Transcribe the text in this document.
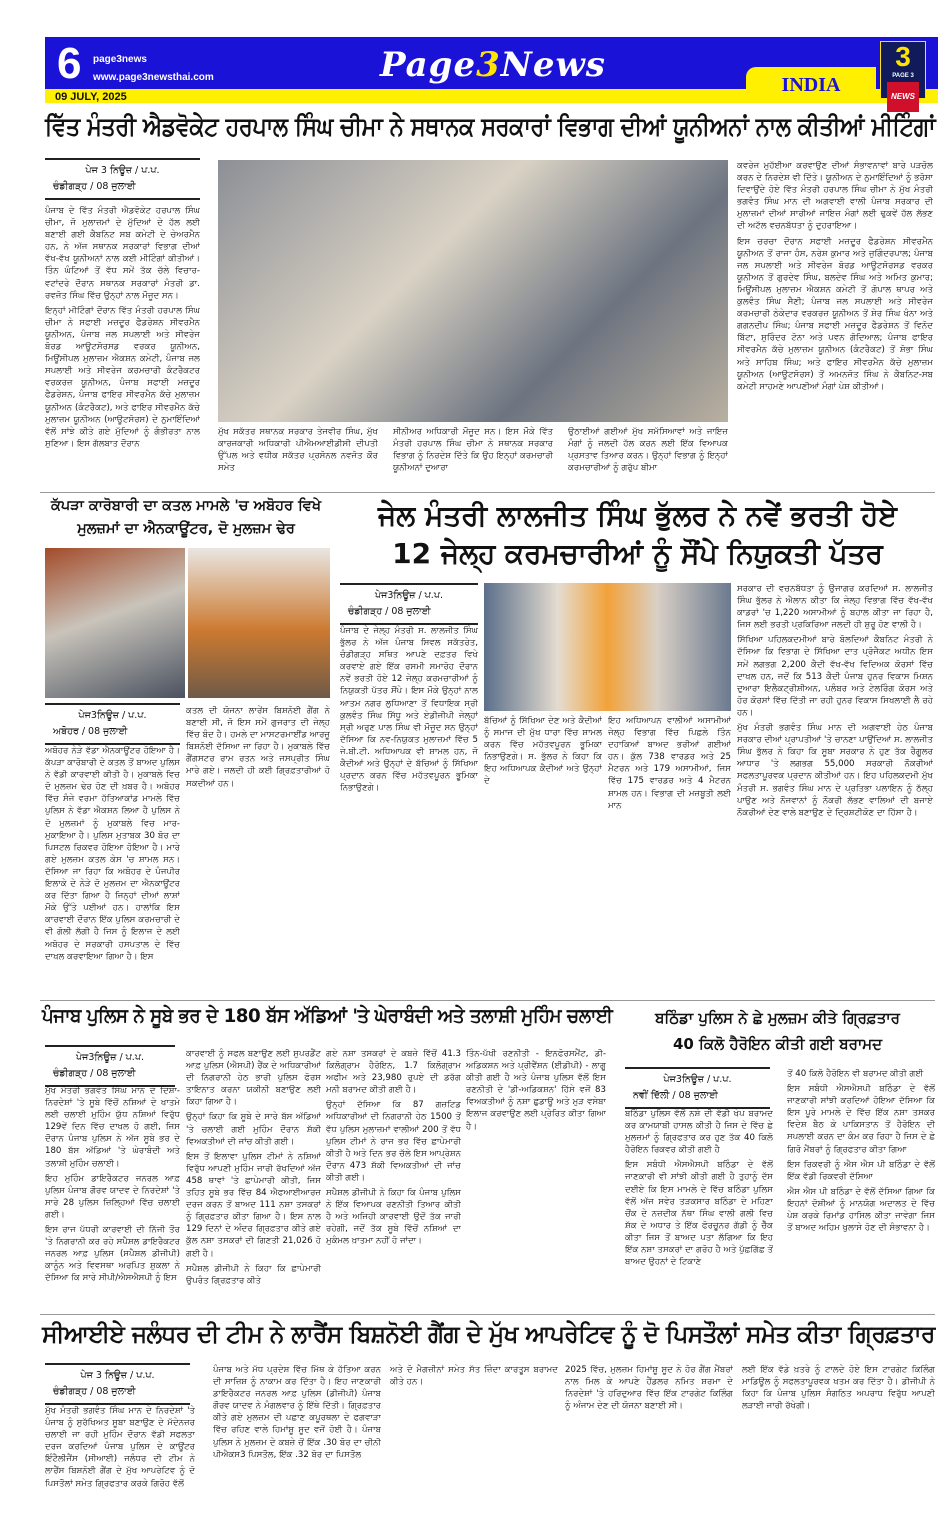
6 page3news
www.page3newsthai.com	Page3News
09 JULY, 2025
INDIA
3
PAGE 3
NEWS
ਵਿੱਤ ਮੰਤਰੀ ਐਡਵੋਕੇਟ ਹਰਪਾਲ ਸਿੰਘ ਚੀਮਾ ਨੇ ਸਥਾਨਕ ਸਰਕਾਰਾਂ ਵਿਭਾਗ ਦੀਆਂ ਯੂਨੀਅਨਾਂ ਨਾਲ ਕੀਤੀਆਂ ਮੀਟਿੰਗਾਂ
ਪੇਜ 3 ਨਿਊਜ਼ / ਪ.ਪ.
ਚੰਡੀਗੜ੍ਹ / 08 ਜੁਲਾਈ

ਪੰਜਾਬ ਦੇ ਵਿੱਤ ਮੰਤਰੀ ਐਡਵੋਕੇਟ ਹਰਪਾਲ ਸਿੰਘ ਚੀਮਾ, ਜੋ ਮੁਲਾਜ਼ਮਾਂ ਦੇ ਮੁੱਦਿਆਂ ਦੇ ਹੱਲ ਲਈ ਬਣਾਈ ਗਈ ਕੈਬਨਿਟ ਸਬ ਕਮੇਟੀ ਦੇ ਚੇਅਰਮੈਨ ਹਨ, ਨੇ ਅੱਜ ਸਥਾਨਕ ਸਰਕਾਰਾਂ ਵਿਭਾਗ ਦੀਆਂ ਵੱਖ-ਵੱਖ ਯੂਨੀਅਨਾਂ ਨਾਲ ਕਈ ਮੀਟਿੰਗਾਂ ਕੀਤੀਆਂ। ਤਿੰਨ ਘੰਟਿਆਂ ਤੋਂ ਵੱਧ ਸਮੇਂ ਤੱਕ ਚੱਲੇ ਵਿਚਾਰ-ਵਟਾਂਦਰੇ ਦੌਰਾਨ ਸਥਾਨਕ ਸਰਕਾਰਾਂ ਮੰਤਰੀ ਡਾ. ਰਵਜੋਤ ਸਿੰਘ ਵਿੱਚ ਉਨ੍ਹਾਂ ਨਾਲ ਮੌਜੂਦ ਸਨ।

ਇਨ੍ਹਾਂ ਮੀਟਿੰਗਾਂ ਦੌਰਾਨ ਵਿੱਤ ਮੰਤਰੀ ਹਰਪਾਲ ਸਿੰਘ ਚੀਮਾ ਨੇ ਸਫਾਈ ਮਜ਼ਦੂਰ ਫੈਡਰੇਸ਼ਨ ਸੀਵਰਮੈਨ ਯੂਨੀਅਨ, ਪੰਜਾਬ ਜਲ ਸਪਲਾਈ ਅਤੇ ਸੀਵਰੇਜ ਬੋਰਡ ਆਊਟਸੋਰਸਡ ਵਰਕਰ ਯੂਨੀਅਨ, ਮਿਊਂਸੀਪਲ ਮੁਲਾਜ਼ਮ ਐਕਸ਼ਨ ਕਮੇਟੀ, ਪੰਜਾਬ ਜਲ ਸਪਲਾਈ ਅਤੇ ਸੀਵਰੇਜ ਕਰਮਚਾਰੀ ਕੰਟਰੈਕਟਰ ਵਰਕਰਜ਼ ਯੂਨੀਅਨ, ਪੰਜਾਬ ਸਫਾਈ ਮਜ਼ਦੂਰ ਫੈਡਰੇਸ਼ਨ, ਪੰਜਾਬ ਫਾਇਰ ਸੀਵਰਮੈਨ ਕੱਚੇ ਮੁਲਾਜ਼ਮ ਯੂਨੀਅਨ (ਕੰਟਰੈਕਟ), ਅਤੇ ਫਾਇਰ ਸੀਵਰਮੈਨ ਕੱਚੇ ਮੁਲਾਜ਼ਮ ਯੂਨੀਅਨ (ਆਊਟਸੋਰਸ) ਦੇ ਨੁਮਾਇੰਦਿਆਂ ਵੱਲੋਂ ਸਾਂਝੇ ਕੀਤੇ ਗਏ ਮੁੱਦਿਆਂ ਨੂੰ ਗੰਭੀਰਤਾ ਨਾਲ ਸੁਣਿਆ। ਇਸ ਗੱਲਬਾਤ ਦੌਰਾਨ

ਮੁੱਖ ਸਕੱਤਰ ਸਥਾਨਕ ਸਰਕਾਰ ਤੇਜਵੀਰ ਸਿੰਘ, ਮੁੱਖ ਕਾਰਜਕਾਰੀ ਅਧਿਕਾਰੀ ਪੀਐਮਆਈਡੀਸੀ ਦੀਪਤੀ ਉੱਪਲ ਅਤੇ ਵਧੀਕ ਸਕੱਤਰ ਪ੍ਰਸੋਨਲ ਨਵਜੋਤ ਕੌਰ ਸਮੇਤ
ਸੀਨੀਅਰ ਅਧਿਕਾਰੀ ਮੌਜੂਦ ਸਨ। ਇਸ ਮੌਕੇ ਵਿੱਤ ਮੰਤਰੀ ਹਰਪਾਲ ਸਿੰਘ ਚੀਮਾ ਨੇ ਸਥਾਨਕ ਸਰਕਾਰ ਵਿਭਾਗ ਨੂੰ ਨਿਰਦੇਸ਼ ਦਿੱਤੇ ਕਿ ਉਹ ਇਨ੍ਹਾਂ ਕਰਮਚਾਰੀ ਯੂਨੀਅਨਾਂ ਦੁਆਰਾ
ਉਠਾਈਆਂ ਗਈਆਂ ਮੁੱਖ ਸਮੱਸਿਆਵਾਂ ਅਤੇ ਜਾਇਜ਼ ਮੰਗਾਂ ਨੂੰ ਜਲਦੀ ਹੱਲ ਕਰਨ ਲਈ ਇੱਕ ਵਿਆਪਕ ਪ੍ਰਸਤਾਵ ਤਿਆਰ ਕਰਨ। ਉਨ੍ਹਾਂ ਵਿਭਾਗ ਨੂੰ ਇਨ੍ਹਾਂ ਕਰਮਚਾਰੀਆਂ ਨੂੰ ਗਰੁੱਪ ਬੀਮਾ

ਕਵਰੇਜ ਮੁਹੱਈਆ ਕਰਵਾਉਣ ਦੀਆਂ ਸੰਭਾਵਨਾਵਾਂ ਬਾਰੇ ਪੜਚੋਲ ਕਰਨ ਦੇ ਨਿਰਦੇਸ਼ ਵੀ ਦਿੱਤੇ। ਯੂਨੀਅਨ ਦੇ ਨੁਮਾਇੰਦਿਆਂ ਨੂੰ ਭਰੋਸਾ ਦਿਵਾਉਂਦੇ ਹੋਏ ਵਿੱਤ ਮੰਤਰੀ ਹਰਪਾਲ ਸਿੰਘ ਚੀਮਾ ਨੇ ਮੁੱਖ ਮੰਤਰੀ ਭਗਵੰਤ ਸਿੰਘ ਮਾਨ ਦੀ ਅਗਵਾਈ ਵਾਲੀ ਪੰਜਾਬ ਸਰਕਾਰ ਦੀ ਮੁਲਾਜ਼ਮਾਂ ਦੀਆਂ ਸਾਰੀਆਂ ਜਾਇਜ਼ ਮੰਗਾਂ ਲਈ ਢੁਕਵੇਂ ਹੱਲ ਲੱਭਣ ਦੀ ਅਟੱਲ ਵਚਨਬੱਧਤਾ ਨੂੰ ਦੁਹਰਾਇਆ।

ਇਸ ਚਰਚਾ ਦੌਰਾਨ ਸਫਾਈ ਮਜ਼ਦੂਰ ਫੈਡਰੇਸ਼ਨ ਸੀਵਰਮੈਨ ਯੂਨੀਅਨ ਤੋਂ ਰਾਜਾ ਹੰਸ, ਨਰੇਸ਼ ਕੁਮਾਰ ਅਤੇ ਜੁਗਿੰਦਰਪਾਲ; ਪੰਜਾਬ ਜਲ ਸਪਲਾਈ ਅਤੇ ਸੀਵਰੇਜ ਬੋਰਡ ਆਊਟਸੋਰਸਡ ਵਰਕਰ ਯੂਨੀਅਨ ਤੋਂ ਗੁਰਦੇਵ ਸਿੰਘ, ਬਲਦੇਵ ਸਿੰਘ ਅਤੇ ਅਮਿਤ ਕੁਮਾਰ; ਮਿਊਂਸੀਪਲ ਮੁਲਾਜ਼ਮ ਐਕਸ਼ਨ ਕਮੇਟੀ ਤੋਂ ਗੋਪਾਲ ਥਾਪਰ ਅਤੇ ਕੁਲਵੰਤ ਸਿੰਘ ਸੈਣੀ; ਪੰਜਾਬ ਜਲ ਸਪਲਾਈ ਅਤੇ ਸੀਵਰੇਜ ਕਰਮਚਾਰੀ ਠੇਕੇਦਾਰ ਵਰਕਰਜ਼ ਯੂਨੀਅਨ ਤੋਂ ਸ਼ੇਰ ਸਿੰਘ ਖੰਨਾ ਅਤੇ ਗਗਨਦੀਪ ਸਿੰਘ; ਪੰਜਾਬ ਸਫਾਈ ਮਜ਼ਦੂਰ ਫੈਡਰੇਸ਼ਨ ਤੋਂ ਵਿਨੋਦ ਬਿੱਟਾ, ਸੁਰਿੰਦਰ ਟੋਨਾ ਅਤੇ ਪਵਨ ਗੋਦਿਆਲ; ਪੰਜਾਬ ਫਾਇਰ ਸੀਵਰਮੈਨ ਕੱਚੇ ਮੁਲਾਜ਼ਮ ਯੂਨੀਅਨ (ਕੰਟਰੈਕਟ) ਤੋਂ ਸ਼ੋਭਾ ਸਿੰਘ ਅਤੇ ਸਾਹਿਬ ਸਿੰਘ; ਅਤੇ ਫਾਇਰ ਸੀਵਰਮੈਨ ਕੱਚੇ ਮੁਲਾਜ਼ਮ ਯੂਨੀਅਨ (ਆਊਟਸੋਰਸ) ਤੋਂ ਅਮਨਜੋਤ ਸਿੰਘ ਨੇ ਕੈਬਨਿਟ-ਸਬ ਕਮੇਟੀ ਸਾਹਮਣੇ ਆਪਣੀਆਂ ਮੰਗਾਂ ਪੇਸ਼ ਕੀਤੀਆਂ।

ਕੱਪੜਾ ਕਾਰੋਬਾਰੀ ਦਾ ਕਤਲ ਮਾਮਲੇ 'ਚ ਅਬੋਹਰ ਵਿਖੇ ਮੁਲਜ਼ਮਾਂ ਦਾ ਐਨਕਾਊਂਟਰ, ਦੋ ਮੁਲਜ਼ਮ ਢੇਰ
ਪੇਜ3ਨਿਊਜ਼ / ਪ.ਪ.
ਅਬੋਹਰ / 08 ਜੁਲਾਈ
ਅਬੋਹਰ ਨੇੜੇ ਵੱਡਾ ਐਨਕਾਊਂਟਰ ਹੋਇਆ ਹੈ। ਕੱਪੜਾ ਕਾਰੋਬਾਰੀ ਦੇ ਕਤਲ ਤੋਂ ਬਾਅਦ ਪੁਲਿਸ ਨੇ ਵੱਡੀ ਕਾਰਵਾਈ ਕੀਤੀ ਹੈ। ਮੁਕਾਬਲੇ ਵਿਚ ਦੋ ਮੁਲਜ਼ਮ ਢੇਰ ਹੋਣ ਦੀ ਖ਼ਬਰ ਹੈ। ਅਬੋਹਰ ਵਿੱਚ ਸੰਜੇ ਵਰਮਾ ਹੱਤਿਆਕਾਂਡ ਮਾਮਲੇ ਵਿੱਚ ਪੁਲਿਸ ਨੇ ਵੱਡਾ ਐਕਸ਼ਨ ਲਿਆ ਹੈ ਪੁਲਿਸ ਨੇ ਦੋ ਮੁਲਜ਼ਮਾਂ ਨੂੰ ਮੁਕਾਬਲੇ ਵਿਚ ਮਾਰ-ਮੁਕਾਇਆ ਹੈ। ਪੁਲਿਸ ਮੁਤਾਬਕ 30 ਬੋਰ ਦਾ ਪਿਸਟਲ ਰਿਕਵਰ ਹੋਇਆ ਹੋਇਆ ਹੈ। ਮਾਰੇ ਗਏ ਮੁਲਜ਼ਮ ਕਤਲ ਕੇਸ 'ਚ ਸ਼ਾਮਲ ਸਨ। ਦੱਸਿਆ ਜਾ ਰਿਹਾ ਕਿ ਅਬੋਹਰ ਦੇ ਪੰਜਪੀਰ ਇਲਾਕੇ ਦੇ ਨੇੜੇ ਦੋ ਮੁਲਜ਼ਮ ਦਾ ਐਨਕਾਊਂਟਰ ਕਰ ਦਿੱਤਾ ਗਿਆ ਹੈ ਜਿਨ੍ਹਾਂ ਦੀਆਂ ਲਾਸ਼ਾਂ ਮੌਕੇ ਉੱਤੇ ਪਈਆਂ ਹਨ। ਹਾਲਾਂਕਿ ਇਸ ਕਾਰਵਾਈ ਦੌਰਾਨ ਇੱਕ ਪੁਲਿਸ ਕਰਮਚਾਰੀ ਦੇ ਵੀ ਗੋਲੀ ਲੱਗੀ ਹੈ ਜਿਸ ਨੂੰ ਇਲਾਜ ਦੇ ਲਈ ਅਬੋਹਰ ਦੇ ਸਰਕਾਰੀ ਹਸਪਤਾਲ ਦੇ ਵਿੱਚ ਦਾਖਲ ਕਰਵਾਇਆ ਗਿਆ ਹੈ। ਇਸ
ਕਤਲ ਦੀ ਯੋਜਨਾ ਲਾਰੇਂਸ ਬਿਸ਼ਨੋਈ ਗੈਂਗ ਨੇ ਬਣਾਈ ਸੀ, ਜੋ ਇਸ ਸਮੇਂ ਗੁਜਰਾਤ ਦੀ ਜੇਲ੍ਹ ਵਿੱਚ ਬੰਦ ਹੈ। ਹਮਲੇ ਦਾ ਮਾਸਟਰਮਾਈਂਡ ਆਰਜ਼ੂ ਬਿਸ਼ਨੋਈ ਦੱਸਿਆ ਜਾ ਰਿਹਾ ਹੈ। ਮੁਕਾਬਲੇ ਵਿੱਚ ਗੈਂਗਸਟਰ ਰਾਮ ਰਤਨ ਅਤੇ ਜਸਪ੍ਰੀਤ ਸਿੰਘ ਮਾਰੇ ਗਏ। ਜਲਦੀ ਹੀ ਕਈ ਗ੍ਰਿਫ਼ਤਾਰੀਆਂ ਹੋ ਸਕਦੀਆਂ ਹਨ।
ਜੇਲ ਮੰਤਰੀ ਲਾਲਜੀਤ ਸਿੰਘ ਭੁੱਲਰ ਨੇ ਨਵੇਂ ਭਰਤੀ ਹੋਏ
12 ਜੇਲ੍ਹ ਕਰਮਚਾਰੀਆਂ ਨੂੰ ਸੌਂਪੇ ਨਿਯੁਕਤੀ ਪੱਤਰ
ਪੇਜ3ਨਿਊਜ਼ / ਪ.ਪ.
ਚੰਡੀਗੜ੍ਹ / 08 ਜੁਲਾਈ
ਪੰਜਾਬ ਦੇ ਜੇਲ੍ਹ ਮੰਤਰੀ ਸ. ਲਾਲਜੀਤ ਸਿੰਘ ਭੁੱਲਰ ਨੇ ਅੱਜ ਪੰਜਾਬ ਸਿਵਲ ਸਕੱਤਰੇਤ, ਚੰਡੀਗੜ੍ਹ ਸਥਿਤ ਆਪਣੇ ਦਫ਼ਤਰ ਵਿਖੇ ਕਰਵਾਏ ਗਏ ਇੱਕ ਰਸਮੀ ਸਮਾਰੋਹ ਦੌਰਾਨ ਨਵੇਂ ਭਰਤੀ ਹੋਏ 12 ਜੇਲ੍ਹ ਕਰਮਚਾਰੀਆਂ ਨੂੰ ਨਿਯੁਕਤੀ ਪੱਤਰ ਸੌਂਪੇ। ਇਸ ਮੌਕੇ ਉਨ੍ਹਾਂ ਨਾਲ ਆਤਮ ਨਗਰ ਲੁਧਿਆਣਾ ਤੋਂ ਵਿਧਾਇਕ ਸ੍ਰੀ ਕੁਲਵੰਤ ਸਿੰਘ ਸਿੱਧੂ ਅਤੇ ਏਡੀਜੀਪੀ ਜੇਲ੍ਹਾਂ ਸ੍ਰੀ ਅਰੁਣ ਪਾਲ ਸਿੰਘ ਵੀ ਮੌਜੂਦ ਸਨ ਉਨ੍ਹਾਂ ਦੱਸਿਆ ਕਿ ਨਵ-ਨਿਯੁਕਤ ਮੁਲਾਜ਼ਮਾਂ ਵਿੱਚ 5 ਜੇ.ਬੀ.ਟੀ. ਅਧਿਆਪਕ ਵੀ ਸ਼ਾਮਲ ਹਨ, ਜੋ ਕੈਦੀਆਂ ਅਤੇ ਉਨ੍ਹਾਂ ਦੇ ਬੱਚਿਆਂ ਨੂੰ ਸਿੱਖਿਆ ਪ੍ਰਦਾਨ ਕਰਨ ਵਿੱਚ ਮਹੱਤਵਪੂਰਨ ਭੂਮਿਕਾ ਨਿਭਾਉਣਗੇ।
ਬੱਚਿਆਂ ਨੂੰ ਸਿੱਖਿਆ ਦੇਣ ਅਤੇ ਕੈਦੀਆਂ ਨੂੰ ਸਮਾਜ ਦੀ ਮੁੱਖ ਧਾਰਾ ਵਿੱਚ ਸ਼ਾਮਲ ਕਰਨ ਵਿੱਚ ਮਹੱਤਵਪੂਰਨ ਭੂਮਿਕਾ ਨਿਭਾਉਣਗੇ। ਸ. ਭੁੱਲਰ ਨੇ ਕਿਹਾ ਕਿ ਇਹ ਅਧਿਆਪਕ ਕੈਦੀਆਂ ਅਤੇ ਉਨ੍ਹਾਂ ਦੇ
ਇਹ ਅਧਿਆਪਨ ਵਾਲੀਆਂ ਅਸਾਮੀਆਂ ਜੇਲ੍ਹ ਵਿਭਾਗ ਵਿੱਚ ਪਿਛਲੇ ਤਿੰਨ ਦਹਾਕਿਆਂ ਬਾਅਦ ਭਰੀਆਂ ਗਈਆਂ ਹਨ। ਕੁੱਲ 738 ਵਾਰਡਰ ਅਤੇ 25 ਮੈਟਰਨ ਅਤੇ 179 ਅਸਾਮੀਆਂ, ਜਿਸ ਵਿੱਚ 175 ਵਾਰਡਰ ਅਤੇ 4 ਮੈਟਰਨ ਸ਼ਾਮਲ ਹਨ। ਵਿਭਾਗ ਦੀ ਮਜ਼ਬੂਤੀ ਲਈ ਮਾਨ

ਸਰਕਾਰ ਦੀ ਵਚਨਬੱਧਤਾ ਨੂੰ ਉਜਾਗਰ ਕਰਦਿਆਂ ਸ. ਲਾਲਜੀਤ ਸਿੰਘ ਭੁੱਲਰ ਨੇ ਐਲਾਨ ਕੀਤਾ ਕਿ ਜੇਲ੍ਹ ਵਿਭਾਗ ਵਿੱਚ ਵੱਖ-ਵੱਖ ਕਾਡਰਾਂ 'ਚ 1,220 ਅਸਾਮੀਆਂ ਨੂੰ ਬਹਾਲ ਕੀਤਾ ਜਾ ਰਿਹਾ ਹੈ, ਜਿਸ ਲਈ ਭਰਤੀ ਪ੍ਰਕਿਰਿਆ ਜਲਦੀ ਹੀ ਸ਼ੁਰੂ ਹੋਣ ਵਾਲੀ ਹੈ।

ਸਿੱਖਿਆ ਪਹਿਲਕਦਮੀਆਂ ਬਾਰੇ ਬੋਲਦਿਆਂ ਕੈਬਨਿਟ ਮੰਤਰੀ ਨੇ ਦੱਸਿਆ ਕਿ ਵਿਭਾਗ ਦੇ ਸਿੱਖਿਆ ਦਾਤ ਪ੍ਰੋਜੈਕਟ ਅਧੀਨ ਇਸ ਸਮੇਂ ਲਗਭਗ 2,200 ਕੈਦੀ ਵੱਖ-ਵੱਖ ਵਿਦਿਅਕ ਕੋਰਸਾਂ ਵਿੱਚ ਦਾਖਲ ਹਨ, ਜਦੋਂ ਕਿ 513 ਕੈਦੀ ਪੰਜਾਬ ਹੁਨਰ ਵਿਕਾਸ ਮਿਸ਼ਨ ਦੁਆਰਾ ਇਲੈਕਟ੍ਰੀਸ਼ੀਅਨ, ਪਲੰਬਰ ਅਤੇ ਟੇਲਰਿੰਗ ਕੋਰਸ ਅਤੇ ਹੋਰ ਕੋਰਸਾਂ ਵਿੱਚ ਦਿੱਤੀ ਜਾ ਰਹੀ ਹੁਨਰ ਵਿਕਾਸ ਸਿਖਲਾਈ ਲੈ ਰਹੇ ਹਨ।

ਮੁੱਖ ਮੰਤਰੀ ਭਗਵੰਤ ਸਿੰਘ ਮਾਨ ਦੀ ਅਗਵਾਈ ਹੇਠ ਪੰਜਾਬ ਸਰਕਾਰ ਦੀਆਂ ਪ੍ਰਾਪਤੀਆਂ 'ਤੇ ਚਾਨਣਾ ਪਾਉਂਦਿਆਂ ਸ. ਲਾਲਜੀਤ ਸਿੰਘ ਭੁੱਲਰ ਨੇ ਕਿਹਾ ਕਿ ਸੂਬਾ ਸਰਕਾਰ ਨੇ ਹੁਣ ਤੱਕ ਰੈਗੂਲਰ ਆਧਾਰ 'ਤੇ ਲਗਭਗ 55,000 ਸਰਕਾਰੀ ਨੌਕਰੀਆਂ ਸਫਲਤਾਪੂਰਵਕ ਪ੍ਰਦਾਨ ਕੀਤੀਆਂ ਹਨ। ਇਹ ਪਹਿਲਕਦਮੀ ਮੁੱਖ ਮੰਤਰੀ ਸ. ਭਗਵੰਤ ਸਿੰਘ ਮਾਨ ਦੇ ਪ੍ਰਤਿਭਾ ਪਲਾਇਨ ਨੂੰ ਠੱਲ੍ਹ ਪਾਉਣ ਅਤੇ ਨੌਜਵਾਨਾਂ ਨੂੰ ਨੌਕਰੀ ਲੱਭਣ ਵਾਲਿਆਂ ਦੀ ਬਜਾਏ ਨੌਕਰੀਆਂ ਦੇਣ ਵਾਲੇ ਬਣਾਉਣ ਦੇ ਦ੍ਰਿਸ਼ਟੀਕੋਣ ਦਾ ਹਿੱਸਾ ਹੈ।

ਪੰਜਾਬ ਪੁਲਿਸ ਨੇ ਸੂਬੇ ਭਰ ਦੇ 180 ਬੱਸ ਅੱਡਿਆਂ 'ਤੇ ਘੇਰਾਬੰਦੀ ਅਤੇ ਤਲਾਸ਼ੀ ਮੁਹਿੰਮ ਚਲਾਈ
ਪੇਜ3ਨਿਊਜ਼ / ਪ.ਪ.
ਚੰਡੀਗੜ੍ਹ / 08 ਜੁਲਾਈ

ਮੁੱਖ ਮੰਤਰੀ ਭਗਵੰਤ ਸਿੰਘ ਮਾਨ ਦੇ ਦਿਸ਼ਾ-ਨਿਰਦੇਸ਼ਾਂ 'ਤੇ ਸੂਬੇ ਵਿੱਚੋਂ ਨਸ਼ਿਆਂ ਦੇ ਖਾਤਮੇ ਲਈ ਚਲਾਈ ਮੁਹਿੰਮ ਯੁੱਧ ਨਸ਼ਿਆਂ ਵਿਰੁੱਧ 129ਵੇਂ ਦਿਨ ਵਿੱਚ ਦਾਖਲ ਹੋ ਗਈ, ਜਿਸ ਦੌਰਾਨ ਪੰਜਾਬ ਪੁਲਿਸ ਨੇ ਅੱਜ ਸੂਬੇ ਭਰ ਦੇ 180 ਬੱਸ ਅੱਡਿਆਂ 'ਤੇ ਘੇਰਾਬੰਦੀ ਅਤੇ ਤਲਾਸ਼ੀ ਮੁਹਿੰਮ ਚਲਾਈ।

ਇਹ ਮੁਹਿੰਮ ਡਾਇਰੈਕਟਰ ਜਨਰਲ ਆਫ਼ ਪੁਲਿਸ ਪੰਜਾਬ ਗੌਰਵ ਯਾਦਵ ਦੇ ਨਿਰਦੇਸ਼ਾਂ 'ਤੇ ਸਾਰੇ 28 ਪੁਲਿਸ ਜ਼ਿਲ੍ਹਿਆਂ ਵਿੱਚ ਚਲਾਈ ਗਈ।

ਇਸ ਰਾਜ ਪੱਧਰੀ ਕਾਰਵਾਈ ਦੀ ਨਿੱਜੀ ਤੌਰ 'ਤੇ ਨਿਗਰਾਨੀ ਕਰ ਰਹੇ ਸਪੈਸ਼ਲ ਡਾਇਰੈਕਟਰ ਜਨਰਲ ਆਫ਼ ਪੁਲਿਸ (ਸਪੈਸ਼ਲ ਡੀਜੀਪੀ) ਕਾਨੂੰਨ ਅਤੇ ਵਿਵਸਥਾ ਅਰਪਿਤ ਸ਼ੁਕਲਾ ਨੇ ਦੱਸਿਆ ਕਿ ਸਾਰੇ ਸੀਪੀ/ਐਸਐਸਪੀ ਨੂੰ ਇਸ

ਕਾਰਵਾਈ ਨੂੰ ਸਫਲ ਬਣਾਉਣ ਲਈ ਸੁਪਰਡੈਂਟ ਆਫ਼ ਪੁਲਿਸ (ਐਸਪੀ) ਰੈਂਕ ਦੇ ਅਧਿਕਾਰੀਆਂ ਦੀ ਨਿਗਰਾਨੀ ਹੇਠ ਭਾਰੀ ਪੁਲਿਸ ਫੋਰਸ ਤਾਇਨਾਤ ਕਰਨਾ ਯਕੀਨੀ ਬਣਾਉਣ ਲਈ ਕਿਹਾ ਗਿਆ ਹੈ।

ਉਨ੍ਹਾਂ ਕਿਹਾ ਕਿ ਸੂਬੇ ਦੇ ਸਾਰੇ ਬੱਸ ਅੱਡਿਆਂ 'ਤੇ ਚਲਾਈ ਗਈ ਮੁਹਿੰਮ ਦੌਰਾਨ ਸ਼ੱਕੀ ਵਿਅਕਤੀਆਂ ਦੀ ਜਾਂਚ ਕੀਤੀ ਗਈ।

ਇਸ ਤੋਂ ਇਲਾਵਾ ਪੁਲਿਸ ਟੀਮਾਂ ਨੇ ਨਸ਼ਿਆਂ ਵਿਰੁੱਧ ਆਪਣੀ ਮੁਹਿੰਮ ਜਾਰੀ ਰੱਖਦਿਆਂ ਅੱਜ 458 ਥਾਵਾਂ 'ਤੇ ਛਾਪੇਮਾਰੀ ਕੀਤੀ, ਜਿਸ ਤਹਿਤ ਸੂਬੇ ਭਰ ਵਿੱਚ 84 ਐਫਆਈਆਰਜ਼ ਦਰਜ ਕਰਨ ਤੋਂ ਬਾਅਦ 111 ਨਸ਼ਾ ਤਸਕਰਾਂ ਨੂੰ ਗ੍ਰਿਫ਼ਤਾਰ ਕੀਤਾ ਗਿਆ ਹੈ। ਇਸ ਨਾਲ 129 ਦਿਨਾਂ ਦੇ ਅੰਦਰ ਗ੍ਰਿਫ਼ਤਾਰ ਕੀਤੇ ਗਏ ਕੁੱਲ ਨਸ਼ਾ ਤਸਕਰਾਂ ਦੀ ਗਿਣਤੀ 21,026 ਹੋ ਗਈ ਹੈ।

ਸਪੈਸ਼ਲ ਡੀਜੀਪੀ ਨੇ ਕਿਹਾ ਕਿ ਛਾਪੇਮਾਰੀ ਉਪਰੰਤ ਗ੍ਰਿਫ਼ਤਾਰ ਕੀਤੇ

ਗਏ ਨਸ਼ਾ ਤਸਕਰਾਂ ਦੇ ਕਬਜ਼ੇ ਵਿੱਚੋਂ 41.3 ਕਿਲੋਗ੍ਰਾਮ ਹੈਰੋਇਨ, 1.7 ਕਿਲੋਗ੍ਰਾਮ ਅਫੀਮ ਅਤੇ 23,980 ਰੁਪਏ ਦੀ ਡਰੱਗ ਮਨੀ ਬਰਾਮਦ ਕੀਤੀ ਗਈ ਹੈ।

ਉਨ੍ਹਾਂ ਦੱਸਿਆ ਕਿ 87 ਗਜ਼ਟਿਡ ਅਧਿਕਾਰੀਆਂ ਦੀ ਨਿਗਰਾਨੀ ਹੇਠ 1500 ਤੋਂ ਵੱਧ ਪੁਲਿਸ ਮੁਲਾਜ਼ਮਾਂ ਵਾਲੀਆਂ 200 ਤੋਂ ਵੱਧ ਪੁਲਿਸ ਟੀਮਾਂ ਨੇ ਰਾਜ ਭਰ ਵਿੱਚ ਛਾਪੇਮਾਰੀ ਕੀਤੀ ਹੈ ਅਤੇ ਦਿਨ ਭਰ ਚੱਲੇ ਇਸ ਆਪ੍ਰੇਸ਼ਨ ਦੌਰਾਨ 473 ਸ਼ੱਕੀ ਵਿਅਕਤੀਆਂ ਦੀ ਜਾਂਚ ਕੀਤੀ ਗਈ।

ਸਪੈਸ਼ਲ ਡੀਜੀਪੀ ਨੇ ਕਿਹਾ ਕਿ ਪੰਜਾਬ ਪੁਲਿਸ ਨੇ ਇੱਕ ਵਿਆਪਕ ਰਣਨੀਤੀ ਤਿਆਰ ਕੀਤੀ ਹੈ ਅਤੇ ਅਜਿਹੀ ਕਾਰਵਾਈ ਉਦੋਂ ਤੱਕ ਜਾਰੀ ਰਹੇਗੀ, ਜਦੋਂ ਤੱਕ ਸੂਬੇ ਵਿੱਚੋਂ ਨਸ਼ਿਆਂ ਦਾ ਮੁਕੰਮਲ ਖ਼ਾਤਮਾ ਨਹੀਂ ਹੋ ਜਾਂਦਾ।

ਤਿੰਨ-ਪੱਖੀ ਰਣਨੀਤੀ - ਇਨਫੋਰਸਮੈਂਟ, ਡੀ-ਅਡਿਕਸ਼ਨ ਅਤੇ ਪ੍ਰੀਵੈਂਸ਼ਨ (ਈਡੀਪੀ) - ਲਾਗੂ ਕੀਤੀ ਗਈ ਹੈ ਅਤੇ ਪੰਜਾਬ ਪੁਲਿਸ ਵੱਲੋਂ ਇਸ ਰਣਨੀਤੀ ਦੇ 'ਡੀ-ਅਡਿਕਸ਼ਨ' ਹਿੱਸੇ ਵਜੋਂ 83 ਵਿਅਕਤੀਆਂ ਨੂੰ ਨਸ਼ਾ ਛੁਡਾਊ ਅਤੇ ਮੁੜ ਵਸੇਬਾ ਇਲਾਜ ਕਰਵਾਉਣ ਲਈ ਪ੍ਰੇਰਿਤ ਕੀਤਾ ਗਿਆ ਹੈ।

ਬਠਿੰਡਾ ਪੁਲਿਸ ਨੇ ਛੇ ਮੁਲਜ਼ਮ ਕੀਤੇ ਗ੍ਰਿਫ਼ਤਾਰ
40 ਕਿਲੋ ਹੈਰੋਇਨ ਕੀਤੀ ਗਈ ਬਰਾਮਦ
ਪੇਜ3ਨਿਊਜ਼ / ਪ.ਪ.
ਨਵੀਂ ਦਿੱਲੀ / 08 ਜੁਲਾਈ

ਬਠਿੰਡਾ ਪੁਲਿਸ ਵੱਲੋਂ ਨਸ਼ੇ ਦੀ ਵੱਡੀ ਖੇਪ ਬਰਾਮਦ ਕਰ ਕਾਮਯਾਬੀ ਹਾਸਲ ਕੀਤੀ ਹੈ ਜਿਸ ਦੇ ਵਿੱਚ ਛੇ ਮੁਲਜ਼ਮਾਂ ਨੂੰ ਗ੍ਰਿਫਤਾਰ ਕਰ ਹੁਣ ਤੱਕ 40 ਕਿਲੋ ਹੈਰੋਇਨ ਰਿਕਵਰ ਕੀਤੀ ਗਈ ਹੈ

ਇਸ ਸਬੰਧੀ ਐਸਐਸਪੀ ਬਠਿੰਡਾ ਦੇ ਵੱਲੋਂ ਜਾਣਕਾਰੀ ਵੀ ਸਾਂਝੀ ਕੀਤੀ ਗਈ ਹੈ ਤੁਹਾਨੂੰ ਦੱਸ ਦਈਏ ਕਿ ਇਸ ਮਾਮਲੇ ਦੇ ਵਿੱਚ ਬਠਿੰਡਾ ਪੁਲਿਸ ਵੱਲੋਂ ਅੱਜ ਸਵੇਰ ਤੜਕਸਾਰ ਬਠਿੰਡਾ ਦੇ ਮਹਿਣਾ ਚੌਂਕ ਦੇ ਨਜ਼ਦੀਕ ਨੱਥਾ ਸਿੰਘ ਵਾਲੀ ਗਲੀ ਵਿਚ ਸ਼ੱਕ ਦੇ ਅਧਾਰ ਤੇ ਇੱਕ ਫੋਰਚੂਨਰ ਗੱਡੀ ਨੂੰ ਚੈੱਕ ਕੀਤਾ ਜਿਸ ਤੋਂ ਬਾਅਦ ਪਤਾ ਲੱਗਿਆ ਕਿ ਇਹ ਇੱਕ ਨਸ਼ਾ ਤਸਕਰਾਂ ਦਾ ਗਰੋਹ ਹੈ ਅਤੇ ਪੁੱਛਗਿੱਛ ਤੋਂ ਬਾਅਦ ਉਹਨਾਂ ਦੇ ਟਿਕਾਣੇ

ਤੋਂ 40 ਕਿਲੋ ਹੈਰੋਇਨ ਵੀ ਬਰਾਮਦ ਕੀਤੀ ਗਈ

ਇਸ ਸਬੰਧੀ ਐਸਐਸਪੀ ਬਠਿੰਡਾ ਦੇ ਵੱਲੋਂ ਜਾਣਕਾਰੀ ਸਾਂਝੀ ਕਰਦਿਆਂ ਹੋਇਆ ਦੱਸਿਆ ਕਿ ਇਸ ਪੂਰੇ ਮਾਮਲੇ ਦੇ ਵਿੱਚ ਇੱਕ ਨਸ਼ਾ ਤਸਕਰ ਵਿਦੇਸ਼ ਬੈਠ ਕੇ ਪਾਕਿਸਤਾਨ ਤੋਂ ਹੈਰੋਇਨ ਦੀ ਸਪਲਾਈ ਕਰਨ ਦਾ ਕੰਮ ਕਰ ਰਿਹਾ ਹੈ ਜਿਸ ਦੇ ਛੇ ਗਿਰੋ ਮੈਂਬਰਾਂ ਨੂੰ ਗ੍ਰਿਫਤਾਰ ਕੀਤਾ ਗਿਆ

ਇਸ ਰਿਕਵਰੀ ਨੂੰ ਐਸ ਐਸ ਪੀ ਬਠਿੰਡਾ ਦੇ ਵੱਲੋਂ ਇੱਕ ਵੱਡੀ ਰਿਕਵਰੀ ਦੱਸਿਆ

ਐਸ ਐਸ ਪੀ ਬਠਿੰਡਾ ਦੇ ਵੱਲੋਂ ਦੱਸਿਆ ਗਿਆ ਕਿ ਇਹਨਾਂ ਦੋਸ਼ੀਆਂ ਨੂੰ ਮਾਨਯੋਗ ਅਦਾਲਤ ਦੇ ਵਿੱਚ ਪੇਸ਼ ਕਰਕੇ ਰਿਮਾਂਡ ਹਾਸਿਲ ਕੀਤਾ ਜਾਵੇਗਾ ਜਿਸ ਤੋਂ ਬਾਅਦ ਅਹਿਮ ਖੁਲਾਸੇ ਹੋਣ ਦੀ ਸੰਭਾਵਨਾ ਹੈ।

ਸੀਆਈਏ ਜਲੰਧਰ ਦੀ ਟੀਮ ਨੇ ਲਾਰੈਂਸ ਬਿਸ਼ਨੋਈ ਗੈਂਗ ਦੇ ਮੁੱਖ ਆਪਰੇਟਿਵ ਨੂੰ ਦੋ ਪਿਸਤੌਲਾਂ ਸਮੇਤ ਕੀਤਾ ਗ੍ਰਿਫ਼ਤਾਰ
ਪੇਜ 3 ਨਿਊਜ਼ / ਪ.ਪ.
ਚੰਡੀਗੜ੍ਹ / 08 ਜੁਲਾਈ
ਮੁੱਖ ਮੰਤਰੀ ਭਗਵੰਤ ਸਿੰਘ ਮਾਨ ਦੇ ਨਿਰਦੇਸ਼ਾਂ 'ਤੇ ਪੰਜਾਬ ਨੂੰ ਸੁਰੱਖਿਅਤ ਸੂਬਾ ਬਣਾਉਣ ਦੇ ਮੱਦੇਨਜ਼ਰ ਚਲਾਈ ਜਾ ਰਹੀ ਮੁਹਿੰਮ ਦੌਰਾਨ ਵੱਡੀ ਸਫਲਤਾ ਦਰਜ ਕਰਦਿਆਂ ਪੰਜਾਬ ਪੁਲਿਸ ਦੇ ਕਾਊਂਟਰ ਇੰਟੈਲੀਜੈਂਸ (ਸੀਆਈ) ਜਲੰਧਰ ਦੀ ਟੀਮ ਨੇ ਲਾਰੈਂਸ ਬਿਸ਼ਨੋਈ ਗੈਂਗ ਦੇ ਮੁੱਖ ਆਪਰੇਟਿਵ ਨੂੰ ਦੋ ਪਿਸਤੌਲਾਂ ਸਮੇਤ ਗ੍ਰਿਫਤਾਰ ਕਰਕੇ ਗਿਰੋਹ ਵੱਲੋਂ
ਪੰਜਾਬ ਅਤੇ ਮੱਧ ਪ੍ਰਦੇਸ਼ ਵਿੱਚ ਮਿੱਥ ਕੇ ਹੱਤਿਆ ਕਰਨ ਦੀ ਸਾਜ਼ਿਸ਼ ਨੂੰ ਨਾਕਾਮ ਕਰ ਦਿੱਤਾ ਹੈ। ਇਹ ਜਾਣਕਾਰੀ ਡਾਇਰੈਕਟਰ ਜਨਰਲ ਆਫ਼ ਪੁਲਿਸ (ਡੀਜੀਪੀ) ਪੰਜਾਬ ਗੌਰਵ ਯਾਦਵ ਨੇ ਮੰਗਲਵਾਰ ਨੂੰ ਇੱਥੇ ਦਿੱਤੀ। ਗ੍ਰਿਫ਼ਤਾਰ ਕੀਤੇ ਗਏ ਮੁਲਜ਼ਮ ਦੀ ਪਛਾਣ ਕਪੂਰਥਲਾ ਦੇ ਫਗਵਾੜਾ ਵਿੱਚ ਰਹਿਣ ਵਾਲੇ ਹਿਮਾਂਸ਼ੂ ਸੂਦ ਵਜੋਂ ਹੋਈ ਹੈ। ਪੰਜਾਬ ਪੁਲਿਸ ਨੇ ਮੁਲਜ਼ਮ ਦੇ ਕਬਜ਼ੇ ਚੋਂ ਇੱਕ .30 ਬੋਰ ਦਾ ਚੀਨੀ ਪੀਐਕਸ3 ਪਿਸਤੌਲ, ਇੱਕ .32 ਬੋਰ ਦਾ ਪਿਸਤੌਲ
ਅਤੇ ਦੋ ਮੈਗਜ਼ੀਨਾਂ ਸਮੇਤ ਸੱਤ ਜ਼ਿੰਦਾ ਕਾਰਤੂਸ ਬਰਾਮਦ ਕੀਤੇ ਹਨ।
2025 ਵਿੱਚ, ਮੁਲਜ਼ਮ ਹਿਮਾਂਸ਼ੂ ਸੂਦ ਨੇ ਹੋਰ ਗੈਂਗ ਮੈਂਬਰਾਂ ਨਾਲ ਮਿਲ ਕੇ ਆਪਣੇ ਹੈਂਡਲਰ ਨਮਿਤ ਸ਼ਰਮਾ ਦੇ ਨਿਰਦੇਸ਼ਾਂ 'ਤੇ ਹਰਿਦੁਆਰ ਵਿੱਚ ਇੱਕ ਟਾਰਗੇਟ ਕਿਲਿੰਗ ਨੂੰ ਅੰਜਾਮ ਦੇਣ ਦੀ ਯੋਜਨਾ ਬਣਾਈ ਸੀ।
ਲਈ ਇੱਕ ਵੱਡੇ ਖ਼ਤਰੇ ਨੂੰ ਟਾਲਦੇ ਹੋਏ ਇਸ ਟਾਰਗੇਟ ਕਿਲਿੰਗ ਮਾਡਿਊਲ ਨੂੰ ਸਫਲਤਾਪੂਰਵਕ ਖਤਮ ਕਰ ਦਿੱਤਾ ਹੈ। ਡੀਜੀਪੀ ਨੇ ਕਿਹਾ ਕਿ ਪੰਜਾਬ ਪੁਲਿਸ ਸੰਗਠਿਤ ਅਪਰਾਧ ਵਿਰੁੱਧ ਆਪਣੀ ਲੜਾਈ ਜਾਰੀ ਰੱਖੇਗੀ।
